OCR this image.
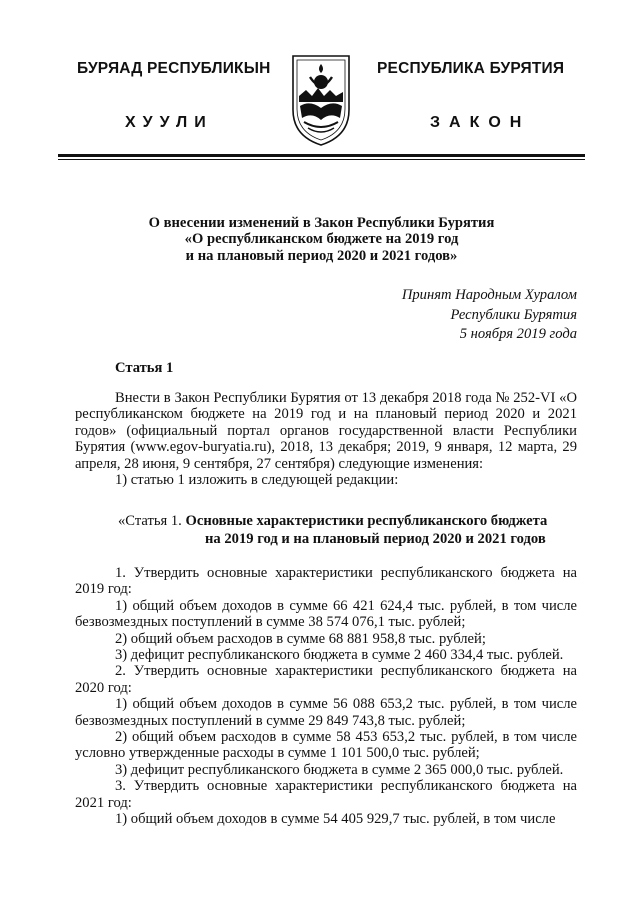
БУРЯАД РЕСПУБЛИКЫН
ХУУЛИ
РЕСПУБЛИКА БУРЯТИЯ
ЗАКОН
О внесении изменений в Закон Республики Бурятия
«О республиканском бюджете на 2019 год
и на плановый период 2020 и 2021 годов»
Принят Народным Хуралом
Республики Бурятия
5 ноября 2019 года
Статья 1

Внести в Закон Республики Бурятия от 13 декабря 2018 года № 252-VI «О республиканском бюджете на 2019 год и на плановый период 2020 и 2021 годов» (официальный портал органов государственной власти Республики Бурятия (www.egov-buryatia.ru), 2018, 13 декабря; 2019, 9 января, 12 марта, 29 апреля, 28 июня, 9 сентября, 27 сентября) следующие изменения:

1) статью 1 изложить в следующей редакции:

«Статья 1. Основные характеристики республиканского бюджета
на 2019 год и на плановый период 2020 и 2021 годов

1. Утвердить основные характеристики республиканского бюджета на 2019 год:

1) общий объем доходов в сумме 66 421 624,4 тыс. рублей, в том числе безвозмездных поступлений в сумме 38 574 076,1 тыс. рублей;

2) общий объем расходов в сумме 68 881 958,8 тыс. рублей;

3) дефицит республиканского бюджета в сумме 2 460 334,4 тыс. рублей.

2. Утвердить основные характеристики республиканского бюджета на 2020 год:

1) общий объем доходов в сумме 56 088 653,2 тыс. рублей, в том числе безвозмездных поступлений в сумме 29 849 743,8 тыс. рублей;

2) общий объем расходов в сумме 58 453 653,2 тыс. рублей, в том числе условно утвержденные расходы в сумме 1 101 500,0 тыс. рублей;

3) дефицит республиканского бюджета в сумме 2 365 000,0 тыс. рублей.

3. Утвердить основные характеристики республиканского бюджета на 2021 год:

1) общий объем доходов в сумме 54 405 929,7 тыс. рублей, в том числе
